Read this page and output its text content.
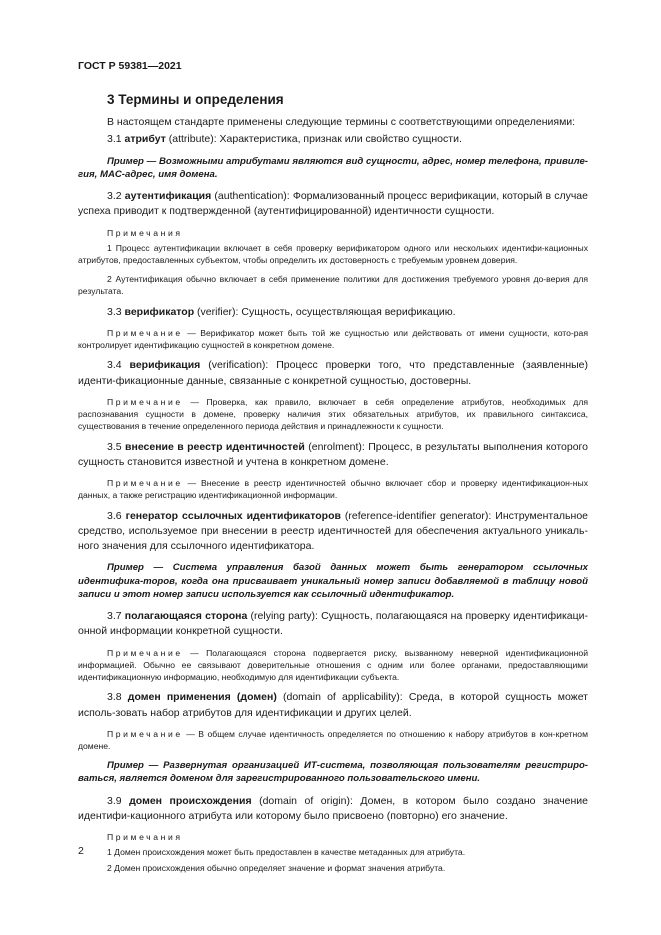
ГОСТ Р 59381—2021
3 Термины и определения

В настоящем стандарте применены следующие термины с соответствующими определениями:

3.1 атрибут (attribute): Характеристика, признак или свойство сущности.

Пример — Возможными атрибутами являются вид сущности, адрес, номер телефона, привиле-гия, MAC-адрес, имя домена.

3.2 аутентификация (authentication): Формализованный процесс верификации, который в случае успеха приводит к подтвержденной (аутентифицированной) идентичности сущности.

Примечания

1 Процесс аутентификации включает в себя проверку верификатором одного или нескольких идентифи-кационных атрибутов, предоставленных субъектом, чтобы определить их достоверность с требуемым уровнем доверия.

2 Аутентификация обычно включает в себя применение политики для достижения требуемого уровня до-верия для результата.

3.3 верификатор (verifier): Сущность, осуществляющая верификацию.

Примечание — Верификатор может быть той же сущностью или действовать от имени сущности, кото-рая контролирует идентификацию сущностей в конкретном домене.

3.4 верификация (verification): Процесс проверки того, что представленные (заявленные) иденти-фикационные данные, связанные с конкретной сущностью, достоверны.

Примечание — Проверка, как правило, включает в себя определение атрибутов, необходимых для распознавания сущности в домене, проверку наличия этих обязательных атрибутов, их правильного синтаксиса, существования в течение определенного периода действия и принадлежности к сущности.

3.5 внесение в реестр идентичностей (enrolment): Процесс, в результаты выполнения которого сущность становится известной и учтена в конкретном домене.

Примечание — Внесение в реестр идентичностей обычно включает сбор и проверку идентификацион-ных данных, а также регистрацию идентификационной информации.

3.6 генератор ссылочных идентификаторов (reference-identifier generator): Инструментальное средство, используемое при внесении в реестр идентичностей для обеспечения актуального уникаль-ного значения для ссылочного идентификатора.

Пример — Система управления базой данных может быть генератором ссылочных идентифика-торов, когда она присваивает уникальный номер записи добавляемой в таблицу новой записи и этот номер записи используется как ссылочный идентификатор.

3.7 полагающаяся сторона (relying party): Сущность, полагающаяся на проверку идентификаци-онной информации конкретной сущности.

Примечание — Полагающаяся сторона подвергается риску, вызванному неверной идентификационной информацией. Обычно ее связывают доверительные отношения с одним или более органами, предоставляющими идентификационную информацию, необходимую для идентификации субъекта.

3.8 домен применения (домен) (domain of applicability): Среда, в которой сущность может исполь-зовать набор атрибутов для идентификации и других целей.

Примечание — В общем случае идентичность определяется по отношению к набору атрибутов в кон-кретном домене.

Пример — Развернутая организацией ИТ-система, позволяющая пользователям регистриро-ваться, является доменом для зарегистрированного пользовательского имени.

3.9 домен происхождения (domain of origin): Домен, в котором было создано значение идентифи-кационного атрибута или которому было присвоено (повторно) его значение.

Примечания

1 Домен происхождения может быть предоставлен в качестве метаданных для атрибута.

2 Домен происхождения обычно определяет значение и формат значения атрибута.

2
